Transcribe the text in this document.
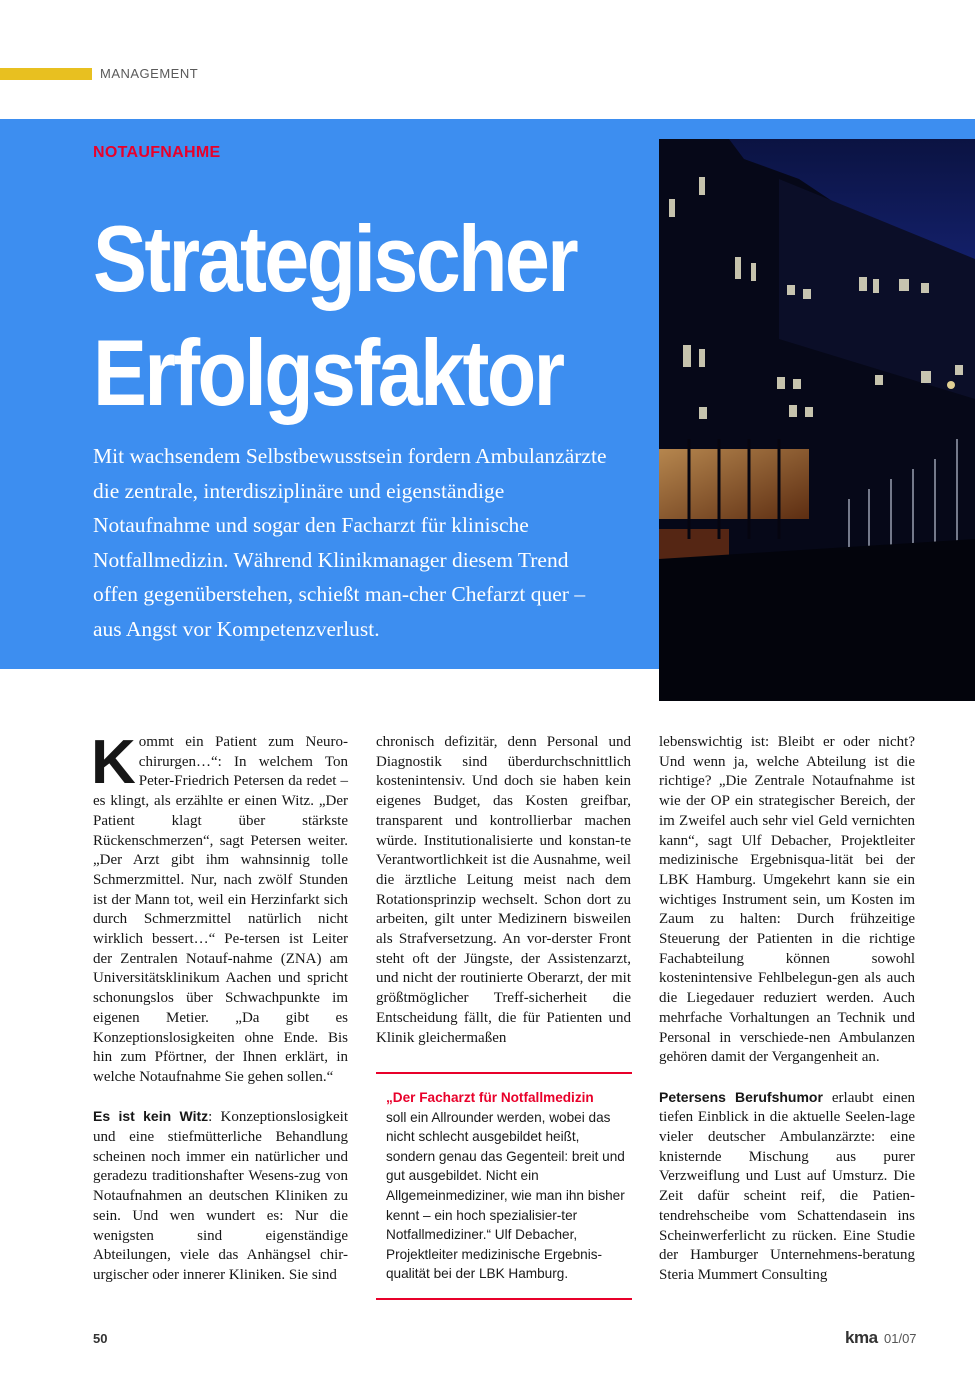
MANAGEMENT
NOTAUFNAHME
Strategischer
Erfolgsfaktor

Mit wachsendem Selbstbewusstsein fordern Ambulanzärzte die zentrale, interdisziplinäre und eigenständige Notaufnahme und sogar den Facharzt für klinische Notfallmedizin. Während Klinikmanager diesem Trend offen gegenüberstehen, schießt man-cher Chefarzt quer – aus Angst vor Kompetenzverlust.

Kommt ein Patient zum Neuro-chirurgen…“: In welchem Ton Peter-Friedrich Petersen da redet – es klingt, als erzählte er einen Witz. „Der Patient klagt über stärkste Rückenschmerzen“, sagt Petersen weiter. „Der Arzt gibt ihm wahnsinnig tolle Schmerzmittel. Nur, nach zwölf Stunden ist der Mann tot, weil ein Herzinfarkt sich durch Schmerzmittel natürlich nicht wirklich bessert…“ Pe-tersen ist Leiter der Zentralen Notauf-nahme (ZNA) am Universitätsklinikum Aachen und spricht schonungslos über Schwachpunkte im eigenen Metier. „Da gibt es Konzeptionslosigkeiten ohne Ende. Bis hin zum Pförtner, der Ihnen erklärt, in welche Notaufnahme Sie gehen sollen.“

Es ist kein Witz: Konzeptionslosigkeit und eine stiefmütterliche Behandlung scheinen noch immer ein natürlicher und geradezu traditionshafter Wesens-zug von Notaufnahmen an deutschen Kliniken zu sein. Und wen wundert es: Nur die wenigsten sind eigenständige Abteilungen, viele das Anhängsel chir-urgischer oder innerer Kliniken. Sie sind

chronisch defizitär, denn Personal und Diagnostik sind überdurchschnittlich kostenintensiv. Und doch sie haben kein eigenes Budget, das Kosten greifbar, transparent und kontrollierbar machen würde. Institutionalisierte und konstan-te Verantwortlichkeit ist die Ausnahme, weil die ärztliche Leitung meist nach dem Rotationsprinzip wechselt. Schon dort zu arbeiten, gilt unter Medizinern bisweilen als Strafversetzung. An vor-derster Front steht oft der Jüngste, der Assistenzarzt, und nicht der routinierte Oberarzt, der mit größtmöglicher Treff-sicherheit die Entscheidung fällt, die für Patienten und Klinik gleichermaßen

„Der Facharzt für Notfallmedizin
soll ein Allrounder werden, wobei das nicht schlecht ausgebildet heißt, sondern genau das Gegenteil: breit und gut ausgebildet. Nicht ein Allgemeinmediziner, wie man ihn bisher kennt – ein hoch spezialisier-ter Notfallmediziner.“ Ulf Debacher, Projektleiter medizinische Ergebnis-qualität bei der LBK Hamburg.

lebenswichtig ist: Bleibt er oder nicht? Und wenn ja, welche Abteilung ist die richtige? „Die Zentrale Notaufnahme ist wie der OP ein strategischer Bereich, der im Zweifel auch sehr viel Geld vernichten kann“, sagt Ulf Debacher, Projektleiter medizinische Ergebnisqua-lität bei der LBK Hamburg. Umgekehrt kann sie ein wichtiges Instrument sein, um Kosten im Zaum zu halten: Durch frühzeitige Steuerung der Patienten in die richtige Fachabteilung können sowohl kostenintensive Fehlbelegun-gen als auch die Liegedauer reduziert werden. Auch mehrfache Vorhaltungen an Technik und Personal in verschiede-nen Ambulanzen gehören damit der Vergangenheit an.

Petersens Berufshumor erlaubt einen tiefen Einblick in die aktuelle Seelen-lage vieler deutscher Ambulanzärzte: eine knisternde Mischung aus purer Verzweiflung und Lust auf Umsturz. Die Zeit dafür scheint reif, die Patien-tendrehscheibe vom Schattendasein ins Scheinwerferlicht zu rücken. Eine Studie der Hamburger Unternehmens-beratung Steria Mummert Consulting

50	kma 01/07
